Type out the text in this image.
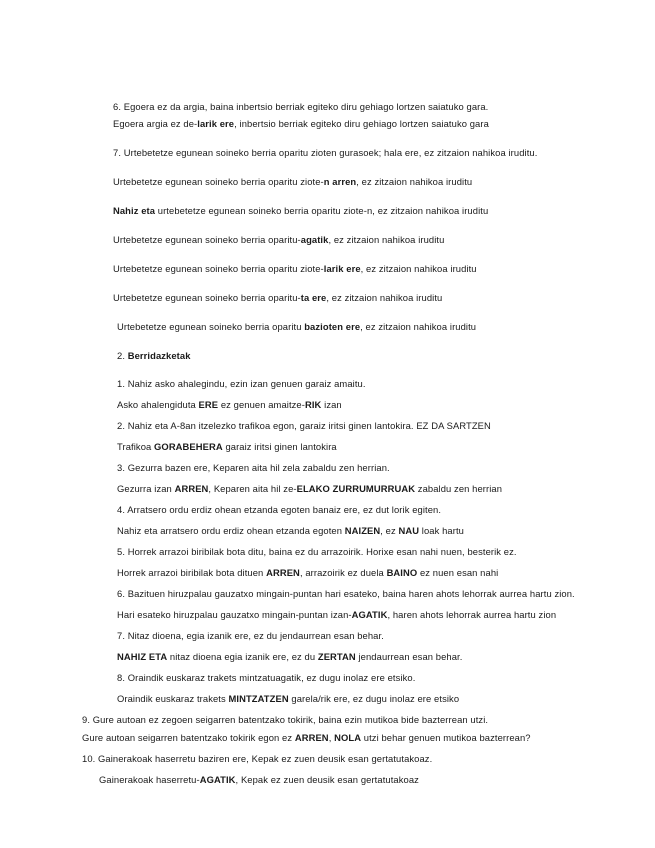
6. Egoera ez da argia, baina inbertsio berriak egiteko diru gehiago lortzen saiatuko gara.
Egoera argia ez de-larik ere, inbertsio berriak egiteko diru gehiago lortzen saiatuko gara
7. Urtebetetze egunean soineko berria oparitu zioten gurasoek; hala ere, ez zitzaion nahikoa iruditu.
Urtebetetze egunean soineko berria oparitu ziote-n arren, ez zitzaion nahikoa iruditu
Nahiz eta urtebetetze egunean soineko berria oparitu ziote-n, ez zitzaion nahikoa iruditu
Urtebetetze egunean soineko berria oparitu-agatik, ez zitzaion nahikoa iruditu
Urtebetetze egunean soineko berria oparitu ziote-larik ere, ez zitzaion nahikoa iruditu
Urtebetetze egunean soineko berria oparitu-ta ere, ez zitzaion nahikoa iruditu
Urtebetetze egunean soineko berria oparitu bazioten ere, ez zitzaion nahikoa iruditu
2. Berridazketak
1. Nahiz asko ahalegindu, ezin izan genuen garaiz amaitu.
Asko ahalengiduta ERE ez genuen amaitze-RIK izan
2. Nahiz eta A-8an itzelezko trafikoa egon, garaiz iritsi ginen lantokira. EZ DA SARTZEN
Trafikoa GORABEHERA garaiz iritsi ginen lantokira
3. Gezurra bazen ere, Keparen aita hil zela zabaldu zen herrian.
Gezurra izan ARREN, Keparen aita hil ze-ELAKO ZURRUMURRUAK zabaldu zen herrian
4. Arratsero ordu erdiz ohean etzanda egoten banaiz ere, ez dut lorik egiten.
Nahiz eta arratsero ordu erdiz ohean etzanda egoten NAIZEN, ez NAU loak hartu
5. Horrek arrazoi biribilak bota ditu, baina ez du arrazoirik. Horixe esan nahi nuen, besterik ez.
Horrek arrazoi biribilak bota dituen ARREN, arrazoirik ez duela BAINO ez nuen esan nahi
6. Bazituen hiruzpalau gauzatxo mingain-puntan hari esateko, baina haren ahots lehorrak aurrea hartu zion.
Hari esateko hiruzpalau gauzatxo mingain-puntan izan-AGATIK, haren ahots lehorrak aurrea hartu zion
7. Nitaz dioena, egia izanik ere, ez du jendaurrean esan behar.
NAHIZ ETA nitaz dioena egia izanik ere, ez du ZERTAN jendaurrean esan behar.
8. Oraindik euskaraz trakets mintzatuagatik, ez dugu inolaz ere etsiko.
Oraindik euskaraz trakets MINTZATZEN garela/rik ere, ez dugu inolaz ere etsiko
9. Gure autoan ez zegoen seigarren batentzako tokirik, baina ezin mutikoa bide bazterrean utzi.
Gure autoan seigarren batentzako tokirik egon ez ARREN, NOLA utzi behar genuen mutikoa bazterrean?
10. Gainerakoak haserretu baziren ere, Kepak ez zuen deusik esan gertatutakoaz.
Gainerakoak haserretu-AGATIK, Kepak ez zuen deusik esan gertatutakoaz
